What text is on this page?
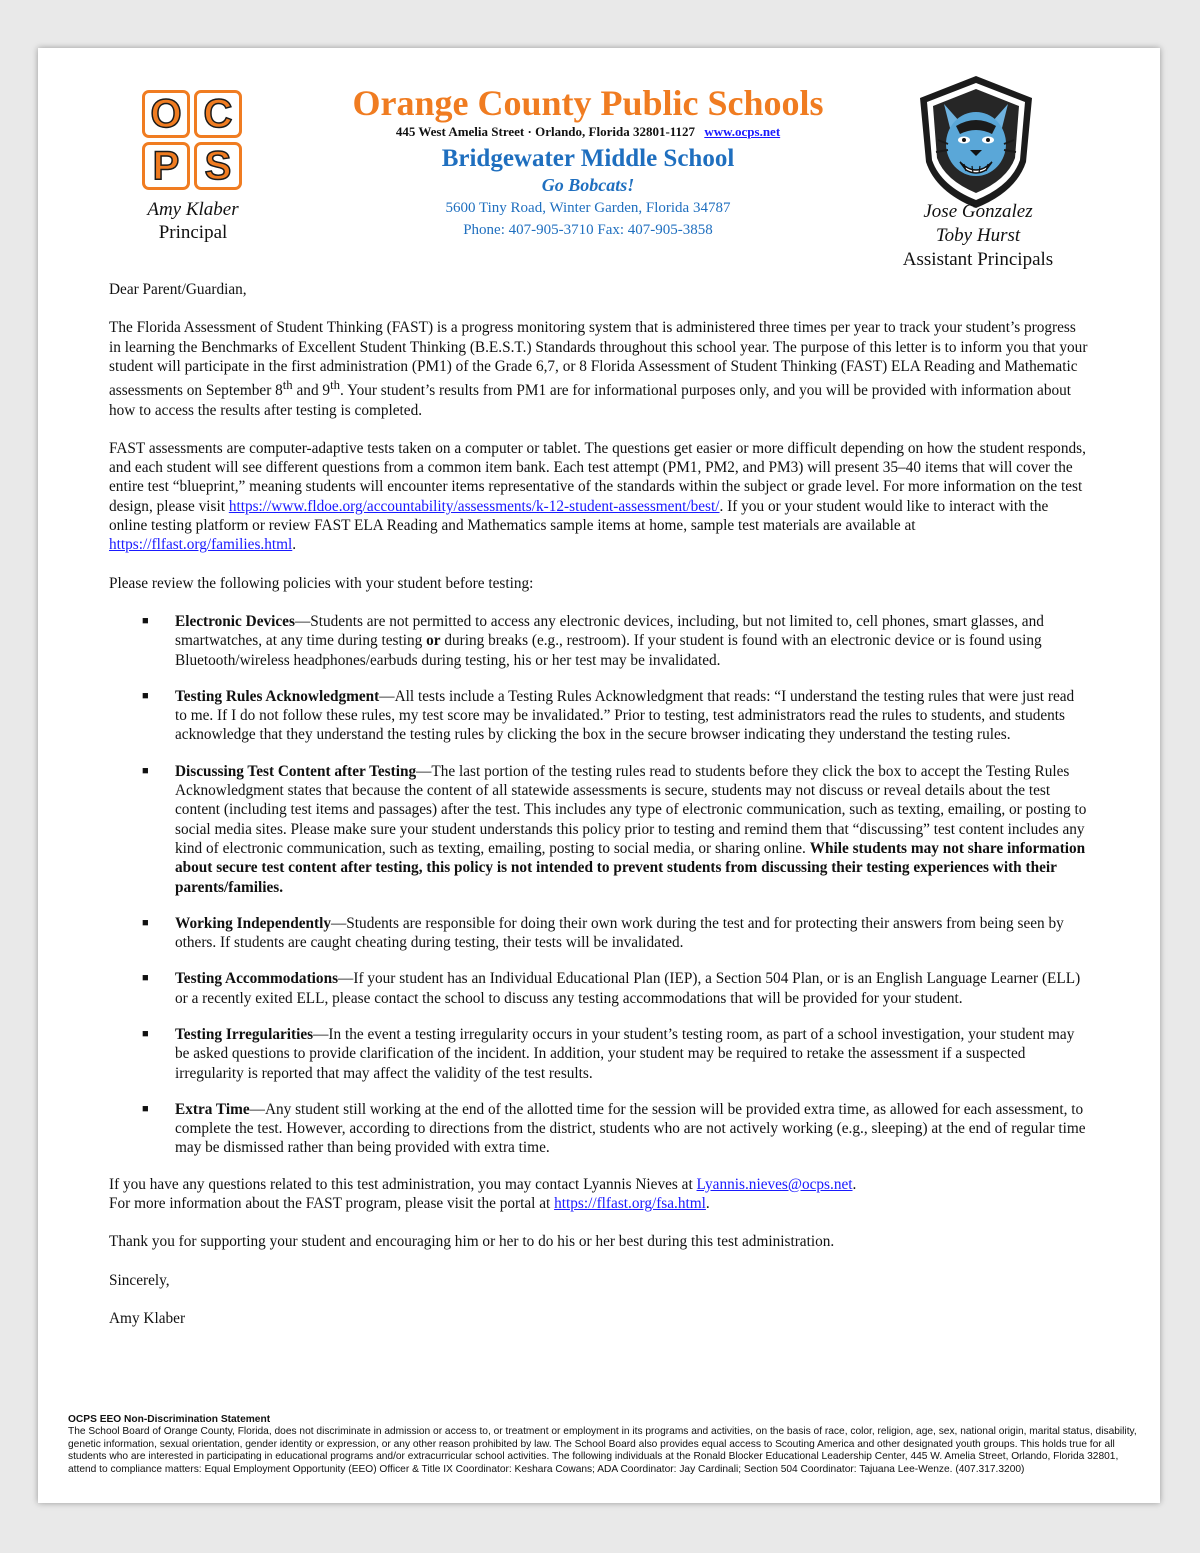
O C
P S
Amy Klaber
Principal
Orange County Public Schools
445 West Amelia Street · Orlando, Florida 32801-1127 www.ocps.net
Bridgewater Middle School
Go Bobcats!
5600 Tiny Road, Winter Garden, Florida 34787
Phone: 407-905-3710 Fax: 407-905-3858
Jose Gonzalez
Toby Hurst
Assistant Principals

Dear Parent/Guardian,

The Florida Assessment of Student Thinking (FAST) is a progress monitoring system that is administered three times per year to track your student’s progress in learning the Benchmarks of Excellent Student Thinking (B.E.S.T.) Standards throughout this school year. The purpose of this letter is to inform you that your student will participate in the first administration (PM1) of the Grade 6,7, or 8 Florida Assessment of Student Thinking (FAST) ELA Reading and Mathematic assessments on September 8th and 9th. Your student’s results from PM1 are for informational purposes only, and you will be provided with information about how to access the results after testing is completed.

FAST assessments are computer-adaptive tests taken on a computer or tablet. The questions get easier or more difficult depending on how the student responds, and each student will see different questions from a common item bank. Each test attempt (PM1, PM2, and PM3) will present 35–40 items that will cover the entire test “blueprint,” meaning students will encounter items representative of the standards within the subject or grade level. For more information on the test design, please visit https://www.fldoe.org/accountability/assessments/k-12-student-assessment/best/. If you or your student would like to interact with the online testing platform or review FAST ELA Reading and Mathematics sample items at home, sample test materials are available at https://flfast.org/families.html.

Please review the following policies with your student before testing:

■ Electronic Devices—Students are not permitted to access any electronic devices, including, but not limited to, cell phones, smart glasses, and smartwatches, at any time during testing or during breaks (e.g., restroom). If your student is found with an electronic device or is found using Bluetooth/wireless headphones/earbuds during testing, his or her test may be invalidated.
■ Testing Rules Acknowledgment—All tests include a Testing Rules Acknowledgment that reads: “I understand the testing rules that were just read to me. If I do not follow these rules, my test score may be invalidated.” Prior to testing, test administrators read the rules to students, and students acknowledge that they understand the testing rules by clicking the box in the secure browser indicating they understand the testing rules.
■ Discussing Test Content after Testing—The last portion of the testing rules read to students before they click the box to accept the Testing Rules Acknowledgment states that because the content of all statewide assessments is secure, students may not discuss or reveal details about the test content (including test items and passages) after the test. This includes any type of electronic communication, such as texting, emailing, or posting to social media sites. Please make sure your student understands this policy prior to testing and remind them that “discussing” test content includes any kind of electronic communication, such as texting, emailing, posting to social media, or sharing online. While students may not share information about secure test content after testing, this policy is not intended to prevent students from discussing their testing experiences with their parents/families.
■ Working Independently—Students are responsible for doing their own work during the test and for protecting their answers from being seen by others. If students are caught cheating during testing, their tests will be invalidated.
■ Testing Accommodations—If your student has an Individual Educational Plan (IEP), a Section 504 Plan, or is an English Language Learner (ELL) or a recently exited ELL, please contact the school to discuss any testing accommodations that will be provided for your student.
■ Testing Irregularities—In the event a testing irregularity occurs in your student’s testing room, as part of a school investigation, your student may be asked questions to provide clarification of the incident. In addition, your student may be required to retake the assessment if a suspected irregularity is reported that may affect the validity of the test results.
■ Extra Time—Any student still working at the end of the allotted time for the session will be provided extra time, as allowed for each assessment, to complete the test. However, according to directions from the district, students who are not actively working (e.g., sleeping) at the end of regular time may be dismissed rather than being provided with extra time.

If you have any questions related to this test administration, you may contact Lyannis Nieves at Lyannis.nieves@ocps.net.
For more information about the FAST program, please visit the portal at https://flfast.org/fsa.html.

Thank you for supporting your student and encouraging him or her to do his or her best during this test administration.

Sincerely,

Amy Klaber

OCPS EEO Non-Discrimination Statement
The School Board of Orange County, Florida, does not discriminate in admission or access to, or treatment or employment in its programs and activities, on the basis of race, color, religion, age, sex, national origin, marital status, disability, genetic information, sexual orientation, gender identity or expression, or any other reason prohibited by law. The School Board also provides equal access to Scouting America and other designated youth groups. This holds true for all students who are interested in participating in educational programs and/or extracurricular school activities. The following individuals at the Ronald Blocker Educational Leadership Center, 445 W. Amelia Street, Orlando, Florida 32801, attend to compliance matters: Equal Employment Opportunity (EEO) Officer & Title IX Coordinator: Keshara Cowans; ADA Coordinator: Jay Cardinali; Section 504 Coordinator: Tajuana Lee-Wenze. (407.317.3200)
